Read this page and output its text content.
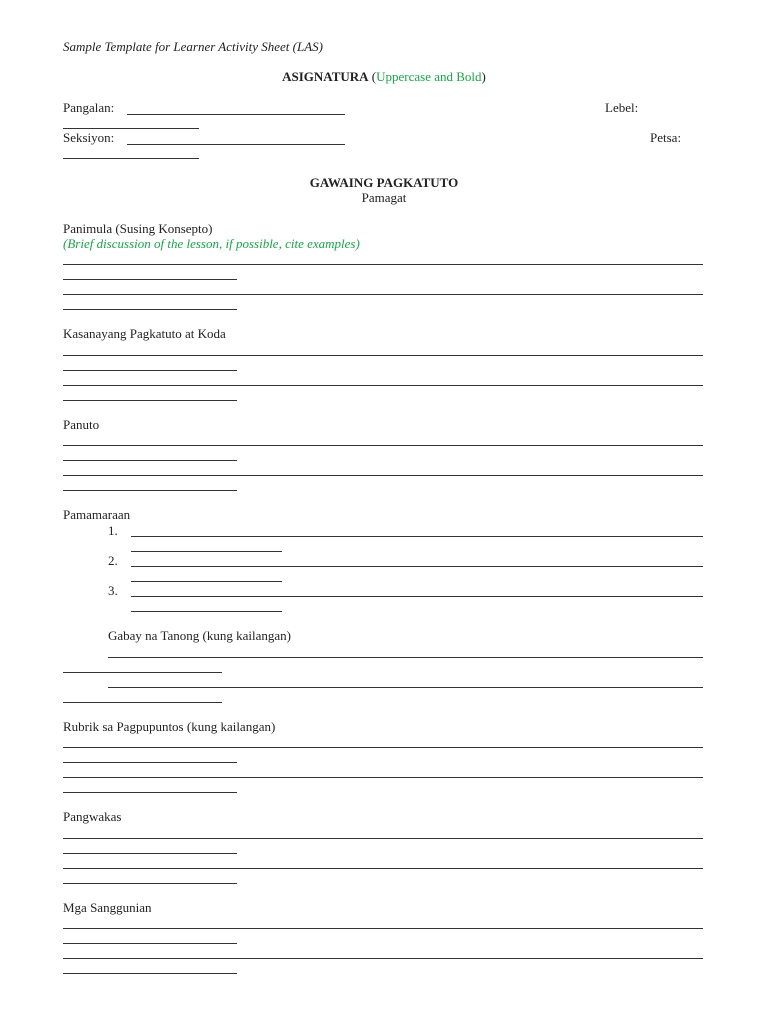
Sample Template for Learner Activity Sheet (LAS)
ASIGNATURA (Uppercase and Bold)
Pangalan:	Lebel:
Seksiyon:	Petsa:
GAWAING PAGKATUTO
Pamagat
Panimula (Susing Konsepto)
(Brief discussion of the lesson, if possible, cite examples)
Kasanayang Pagkatuto at Koda
Panuto
Pamamaraan
1.
2.
3.
Gabay na Tanong (kung kailangan)
Rubrik sa Pagpupuntos (kung kailangan)
Pangwakas
Mga Sanggunian
